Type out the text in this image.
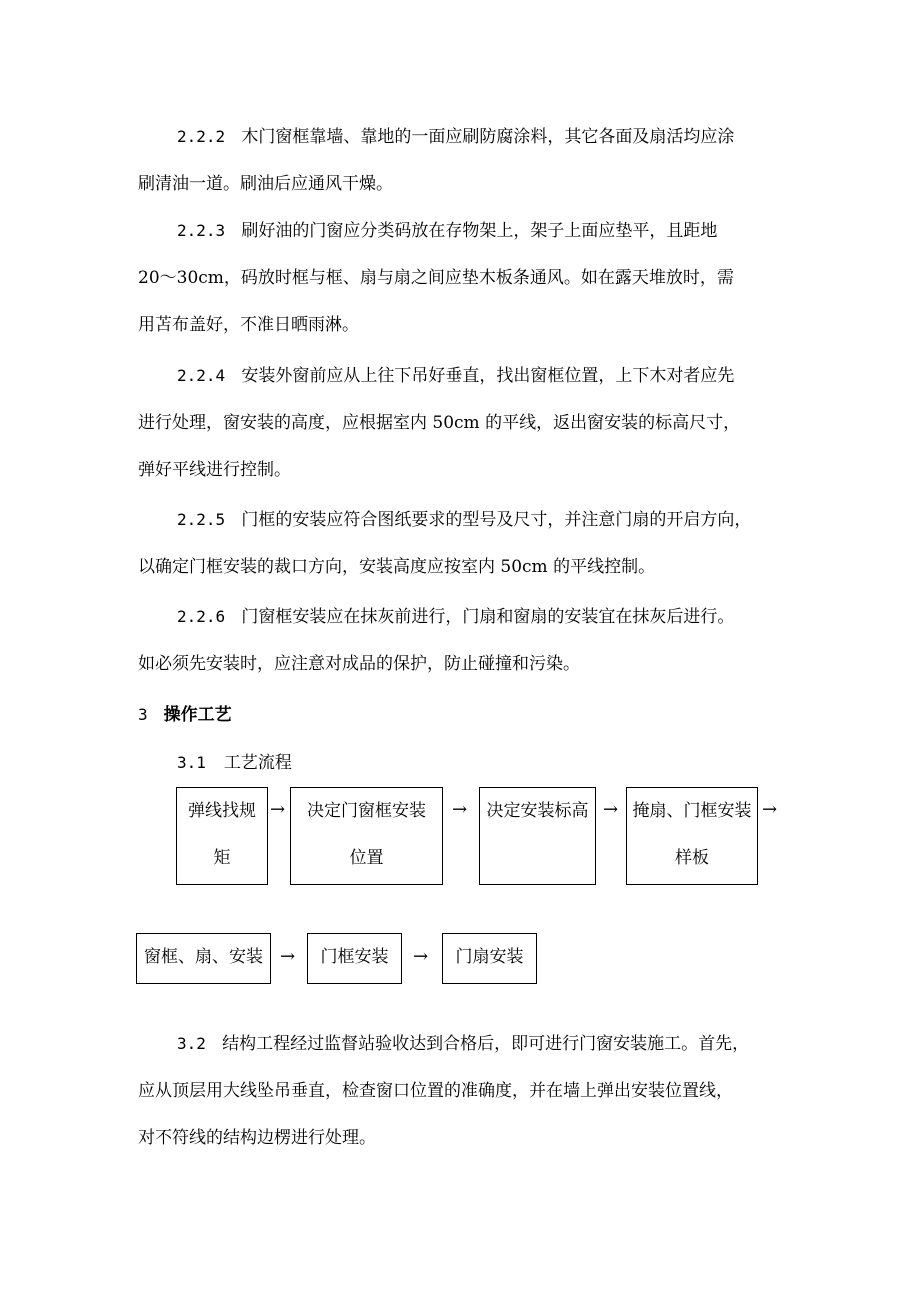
2.2.2 木门窗框靠墙、靠地的一面应刷防腐涂料，其它各面及扇活均应涂
刷清油一道。刷油后应通风干燥。
2.2.3 刷好油的门窗应分类码放在存物架上，架子上面应垫平，且距地
20～30cm，码放时框与框、扇与扇之间应垫木板条通风。如在露天堆放时，需
用苫布盖好，不准日晒雨淋。
2.2.4 安装外窗前应从上往下吊好垂直，找出窗框位置，上下木对者应先
进行处理，窗安装的高度，应根据室内 50cm 的平线，返出窗安装的标高尺寸，
弹好平线进行控制。
2.2.5 门框的安装应符合图纸要求的型号及尺寸，并注意门扇的开启方向，
以确定门框安装的裁口方向，安装高度应按室内 50cm 的平线控制。
2.2.6 门窗框安装应在抹灰前进行，门扇和窗扇的安装宜在抹灰后进行。
如必须先安装时，应注意对成品的保护，防止碰撞和污染。
3 操作工艺
3.1 工艺流程
弹线找规
矩
→	决定门窗框安装
位置
→	决定安装标高 → 掩扇、门框安装
样板
→
窗框、扇、安装 →	门框安装	→	门扇安装
3.2 结构工程经过监督站验收达到合格后，即可进行门窗安装施工。首先，
应从顶层用大线坠吊垂直，检查窗口位置的准确度，并在墙上弹出安装位置线，
对不符线的结构边楞进行处理。
